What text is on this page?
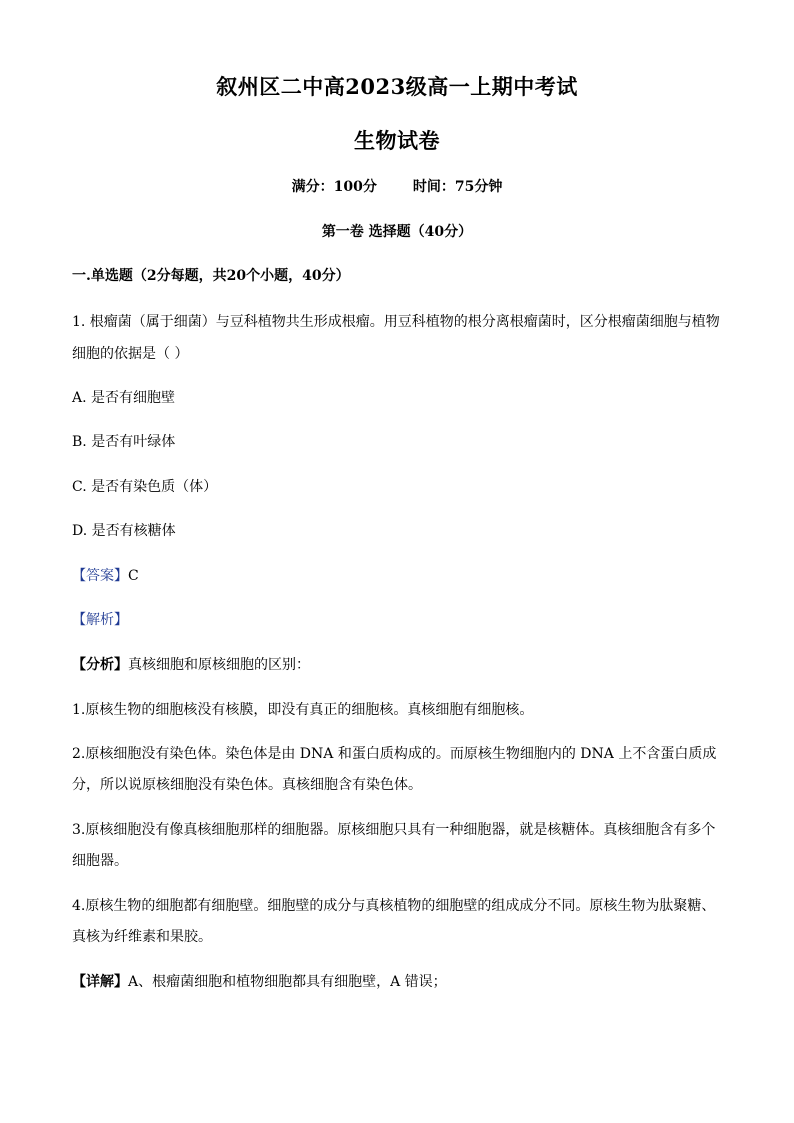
叙州区二中高2023级高一上期中考试
生物试卷
满分：100分	时间：75分钟
第一卷 选择题（40分）
一.单选题（2分每题，共20个小题，40分）
1. 根瘤菌（属于细菌）与豆科植物共生形成根瘤。用豆科植物的根分离根瘤菌时，区分根瘤菌细胞与植物
细胞的依据是（ ）
A. 是否有细胞壁
B. 是否有叶绿体
C. 是否有染色质（体）
D. 是否有核糖体
【答案】C
【解析】
【分析】真核细胞和原核细胞的区别：
1.原核生物的细胞核没有核膜，即没有真正的细胞核。真核细胞有细胞核。
2.原核细胞没有染色体。染色体是由 DNA 和蛋白质构成的。而原核生物细胞内的 DNA 上不含蛋白质成
分，所以说原核细胞没有染色体。真核细胞含有染色体。
3.原核细胞没有像真核细胞那样的细胞器。原核细胞只具有一种细胞器，就是核糖体。真核细胞含有多个
细胞器。
4.原核生物的细胞都有细胞壁。细胞壁的成分与真核植物的细胞壁的组成成分不同。原核生物为肽聚糖、
真核为纤维素和果胶。
【详解】A、根瘤菌细胞和植物细胞都具有细胞壁，A 错误；
